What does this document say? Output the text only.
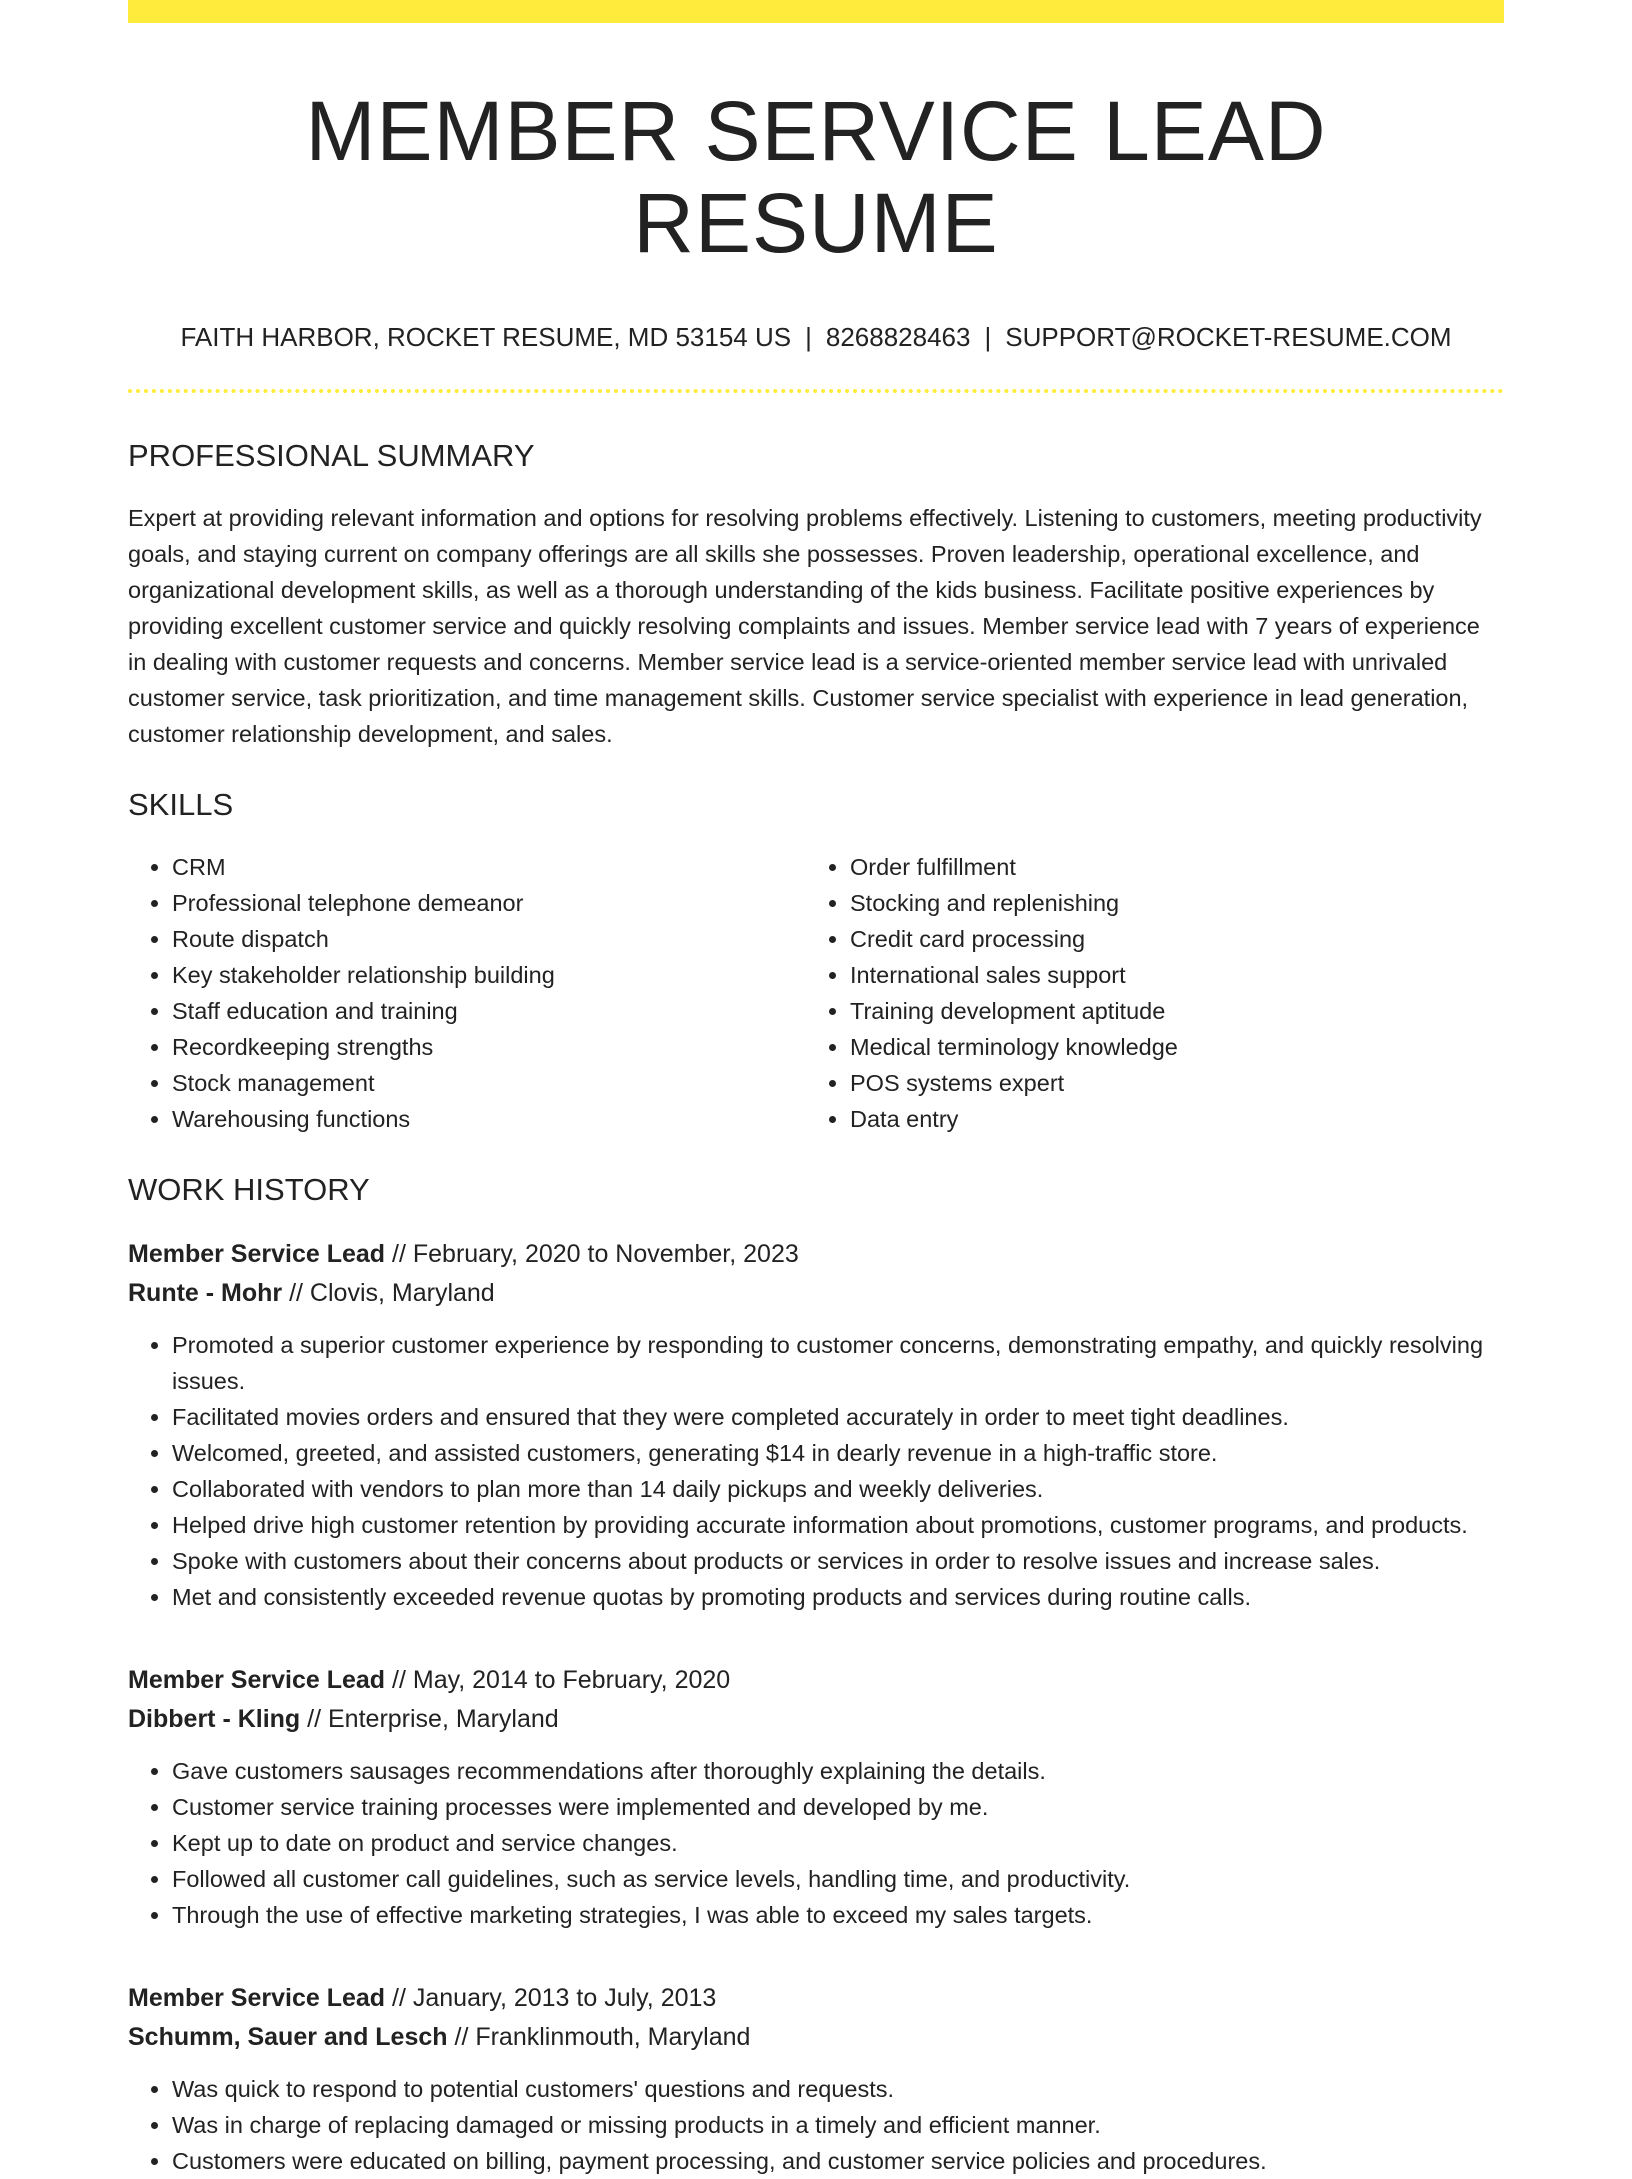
MEMBER SERVICE LEAD RESUME
FAITH HARBOR, ROCKET RESUME, MD 53154 US | 8268828463 | SUPPORT@ROCKET-RESUME.COM
PROFESSIONAL SUMMARY

Expert at providing relevant information and options for resolving problems effectively. Listening to customers, meeting productivity goals, and staying current on company offerings are all skills she possesses. Proven leadership, operational excellence, and organizational development skills, as well as a thorough understanding of the kids business. Facilitate positive experiences by providing excellent customer service and quickly resolving complaints and issues. Member service lead with 7 years of experience in dealing with customer requests and concerns. Member service lead is a service-oriented member service lead with unrivaled customer service, task prioritization, and time management skills. Customer service specialist with experience in lead generation, customer relationship development, and sales.

SKILLS
• CRM
• Professional telephone demeanor
• Route dispatch
• Key stakeholder relationship building
• Staff education and training
• Recordkeeping strengths
• Stock management
• Warehousing functions
• Order fulfillment
• Stocking and replenishing
• Credit card processing
• International sales support
• Training development aptitude
• Medical terminology knowledge
• POS systems expert
• Data entry
WORK HISTORY
Member Service Lead // February, 2020 to November, 2023
Runte - Mohr // Clovis, Maryland
• Promoted a superior customer experience by responding to customer concerns, demonstrating empathy, and quickly resolving issues.
• Facilitated movies orders and ensured that they were completed accurately in order to meet tight deadlines.
• Welcomed, greeted, and assisted customers, generating $14 in dearly revenue in a high-traffic store.
• Collaborated with vendors to plan more than 14 daily pickups and weekly deliveries.
• Helped drive high customer retention by providing accurate information about promotions, customer programs, and products.
• Spoke with customers about their concerns about products or services in order to resolve issues and increase sales.
• Met and consistently exceeded revenue quotas by promoting products and services during routine calls.
Member Service Lead // May, 2014 to February, 2020
Dibbert - Kling // Enterprise, Maryland
• Gave customers sausages recommendations after thoroughly explaining the details.
• Customer service training processes were implemented and developed by me.
• Kept up to date on product and service changes.
• Followed all customer call guidelines, such as service levels, handling time, and productivity.
• Through the use of effective marketing strategies, I was able to exceed my sales targets.
Member Service Lead // January, 2013 to July, 2013
Schumm, Sauer and Lesch // Franklinmouth, Maryland
• Was quick to respond to potential customers' questions and requests.
• Was in charge of replacing damaged or missing products in a timely and efficient manner.
• Customers were educated on billing, payment processing, and customer service policies and procedures.
